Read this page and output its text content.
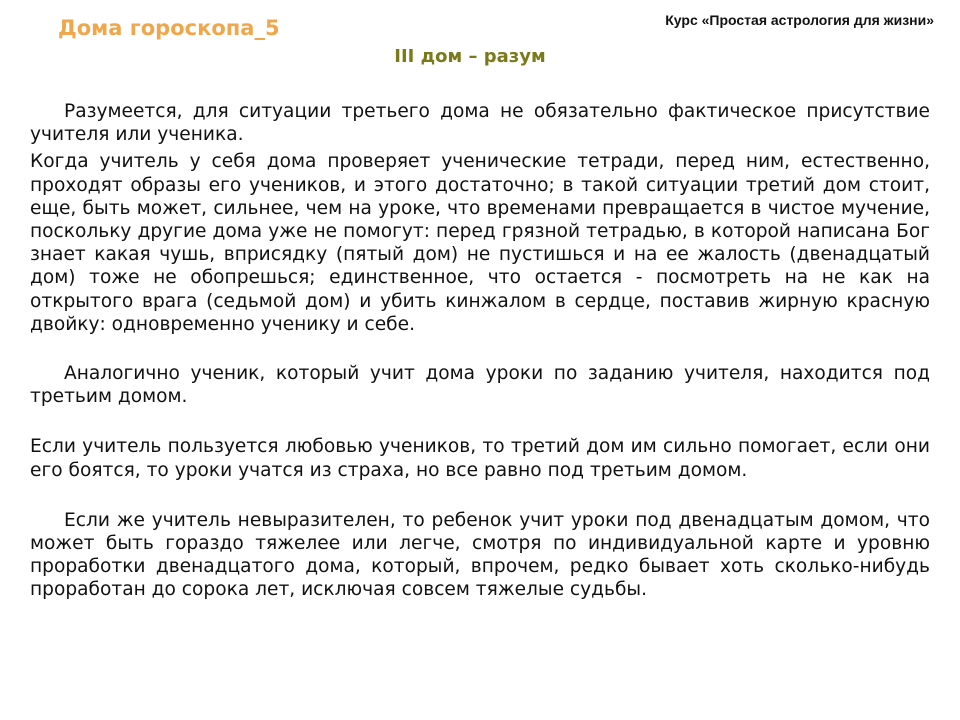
Дома гороскопа_5	Курс «Простая астрология для жизни»
III дом – разум

Разумеется, для ситуации третьего дома не обязательно фактическое присутствие учителя или ученика.

Когда учитель у себя дома проверяет ученические тетради, перед ним, естественно, проходят образы его учеников, и этого достаточно; в такой ситуации третий дом стоит, еще, быть может, сильнее, чем на уроке, что временами превращается в чистое мучение, поскольку другие дома уже не помогут: перед грязной тетрадью, в которой написана Бог знает какая чушь, вприсядку (пятый дом) не пустишься и на ее жалость (двенадцатый дом) тоже не обопрешься; единственное, что остается - посмотреть на не как на открытого врага (седьмой дом) и убить кинжалом в сердце, поставив жирную красную двойку: одновременно ученику и себе.

Аналогично ученик, который учит дома уроки по заданию учителя, находится под третьим домом.

Если учитель пользуется любовью учеников, то третий дом им сильно помогает, если они его боятся, то уроки учатся из страха, но все равно под третьим домом.

Если же учитель невыразителен, то ребенок учит уроки под двенадцатым домом, что может быть гораздо тяжелее или легче, смотря по индивидуальной карте и уровню проработки двенадцатого дома, который, впрочем, редко бывает хоть сколько-нибудь проработан до сорока лет, исключая совсем тяжелые судьбы.
